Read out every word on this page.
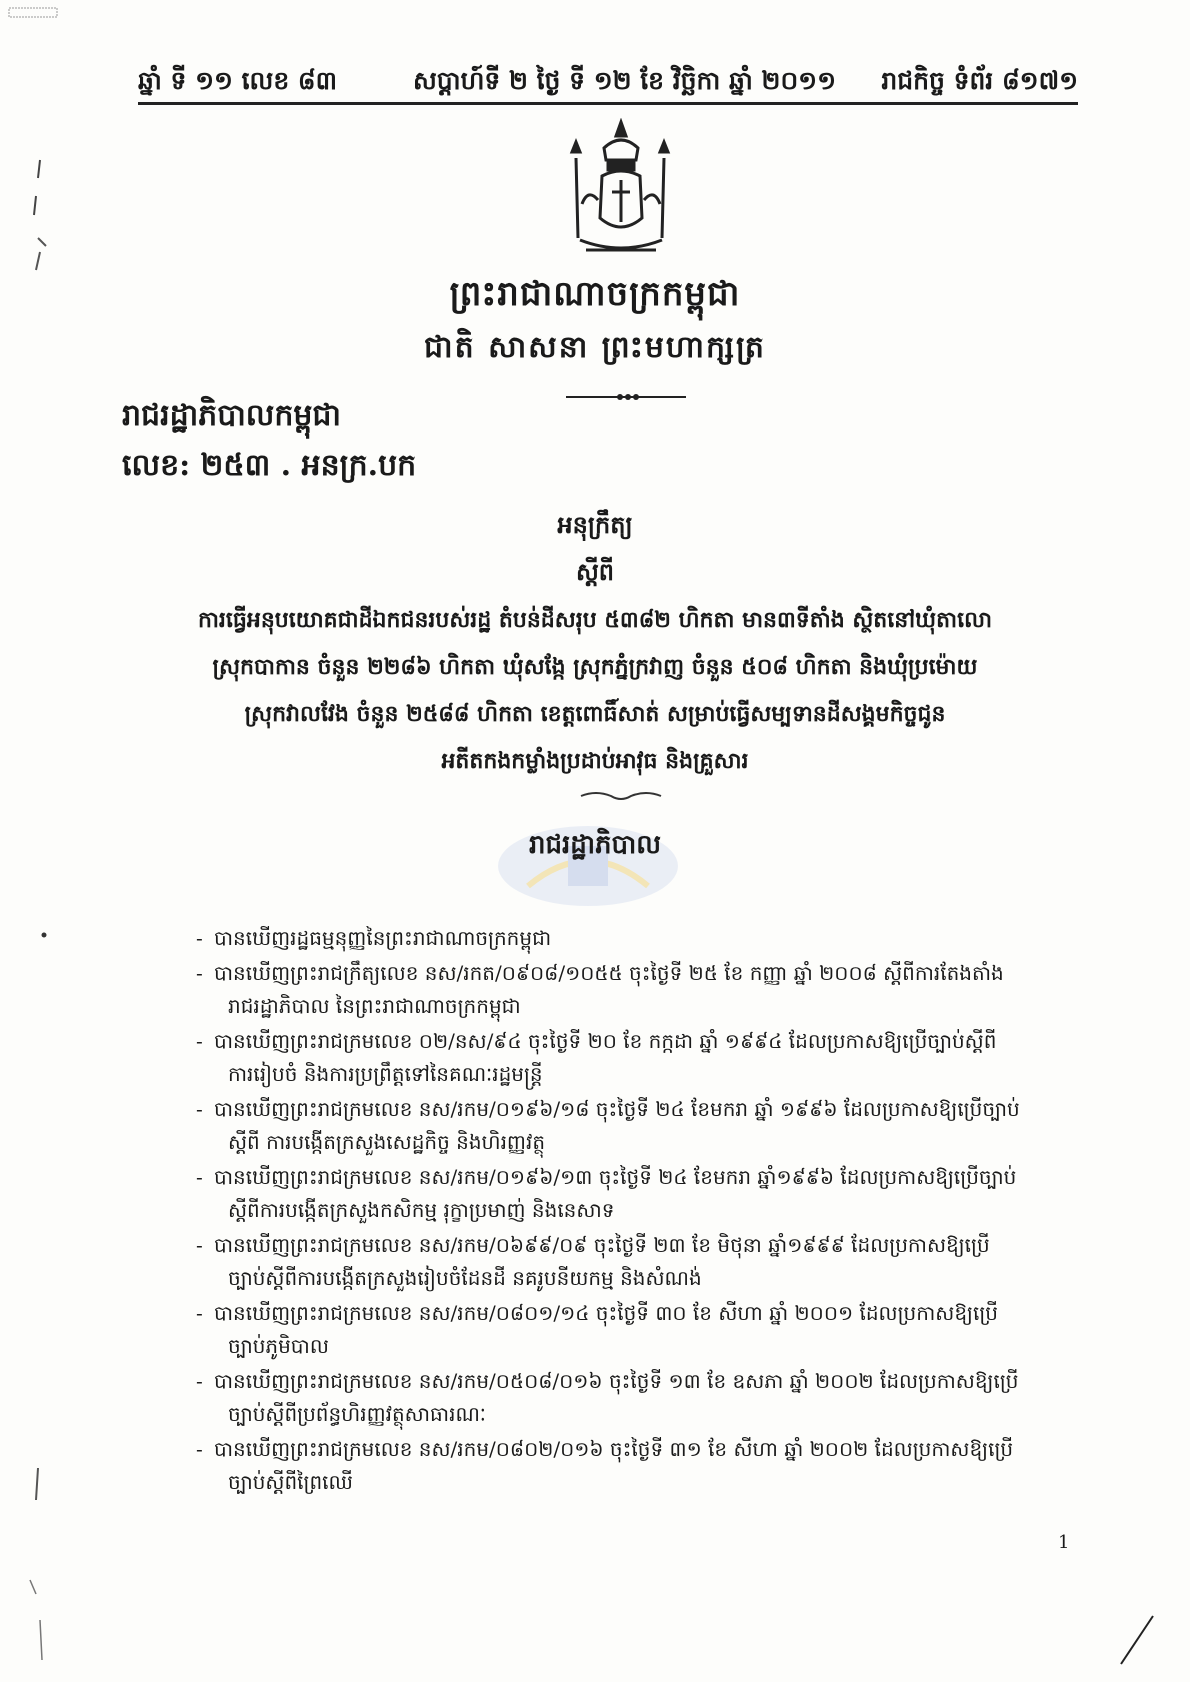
ឆ្នាំ ទី ១១ លេខ ៨៣	សប្តាហ៍ទី ២ ថ្ងៃ ទី ១២ ខែ វិច្ឆិកា ឆ្នាំ ២០១១ រាជកិច្ច ទំព័រ ៨១៧១
ព្រះរាជាណាចក្រកម្ពុជា
ជាតិ សាសនា ព្រះមហាក្សត្រ
រាជរដ្ឋាភិបាលកម្ពុជា
លេខ: ២៥៣ . អនក្រ.បក
អនុក្រឹត្យ
ស្តីពី
ការធ្វើអនុបយោគជាដីឯកជនរបស់រដ្ឋ តំបន់ដីសរុប ៥៣៨២ ហិកតា មាន៣ទីតាំង ស្ថិតនៅឃុំតាលោ
ស្រុកបាកាន ចំនួន ២២៨៦ ហិកតា ឃុំសង្កែ ស្រុកភ្នំក្រវាញ ចំនួន ៥០៨ ហិកតា និងឃុំប្រម៉ោយ
ស្រុកវាលវែង ចំនួន ២៥៨៨ ហិកតា ខេត្តពោធិ៍សាត់ សម្រាប់ធ្វើសម្បទានដីសង្គមកិច្ចជូន
អតីតកងកម្លាំងប្រដាប់អាវុធ និងគ្រួសារ
រាជរដ្ឋាភិបាល
- បានឃើញរដ្ឋធម្មនុញ្ញនៃព្រះរាជាណាចក្រកម្ពុជា
- បានឃើញព្រះរាជក្រឹត្យលេខ នស/រកត/០៩០៨/១០៥៥ ចុះថ្ងៃទី ២៥ ខែ កញ្ញា ឆ្នាំ ២០០៨ ស្តីពីការតែងតាំង
រាជរដ្ឋាភិបាល នៃព្រះរាជាណាចក្រកម្ពុជា
- បានឃើញព្រះរាជក្រមលេខ ០២/នស/៩៤ ចុះថ្ងៃទី ២០ ខែ កក្កដា ឆ្នាំ ១៩៩៤ ដែលប្រកាសឱ្យប្រើច្បាប់ស្តីពី
ការរៀបចំ និងការប្រព្រឹត្តទៅនៃគណៈរដ្ឋមន្ត្រី
- បានឃើញព្រះរាជក្រមលេខ នស/រកម/០១៩៦/១៨ ចុះថ្ងៃទី ២៤ ខែមករា ឆ្នាំ ១៩៩៦ ដែលប្រកាសឱ្យប្រើច្បាប់
ស្តីពី ការបង្កើតក្រសួងសេដ្ឋកិច្ច និងហិរញ្ញវត្ថុ
- បានឃើញព្រះរាជក្រមលេខ នស/រកម/០១៩៦/១៣ ចុះថ្ងៃទី ២៤ ខែមករា ឆ្នាំ១៩៩៦ ដែលប្រកាសឱ្យប្រើច្បាប់
ស្តីពីការបង្កើតក្រសួងកសិកម្ម រុក្ខាប្រមាញ់ និងនេសាទ
- បានឃើញព្រះរាជក្រមលេខ នស/រកម/០៦៩៩/០៩ ចុះថ្ងៃទី ២៣ ខែ មិថុនា ឆ្នាំ១៩៩៩ ដែលប្រកាសឱ្យប្រើ
ច្បាប់ស្តីពីការបង្កើតក្រសួងរៀបចំដែនដី នគរូបនីយកម្ម និងសំណង់
- បានឃើញព្រះរាជក្រមលេខ នស/រកម/០៨០១/១៤ ចុះថ្ងៃទី ៣០ ខែ សីហា ឆ្នាំ ២០០១ ដែលប្រកាសឱ្យប្រើ
ច្បាប់ភូមិបាល
- បានឃើញព្រះរាជក្រមលេខ នស/រកម/០៥០៨/០១៦ ចុះថ្ងៃទី ១៣ ខែ ឧសភា ឆ្នាំ ២០០២ ដែលប្រកាសឱ្យប្រើ
ច្បាប់ស្តីពីប្រព័ន្ធហិរញ្ញវត្ថុសាធារណៈ
- បានឃើញព្រះរាជក្រមលេខ នស/រកម/០៨០២/០១៦ ចុះថ្ងៃទី ៣១ ខែ សីហា ឆ្នាំ ២០០២ ដែលប្រកាសឱ្យប្រើ
ច្បាប់ស្តីពីព្រៃឈើ
1
